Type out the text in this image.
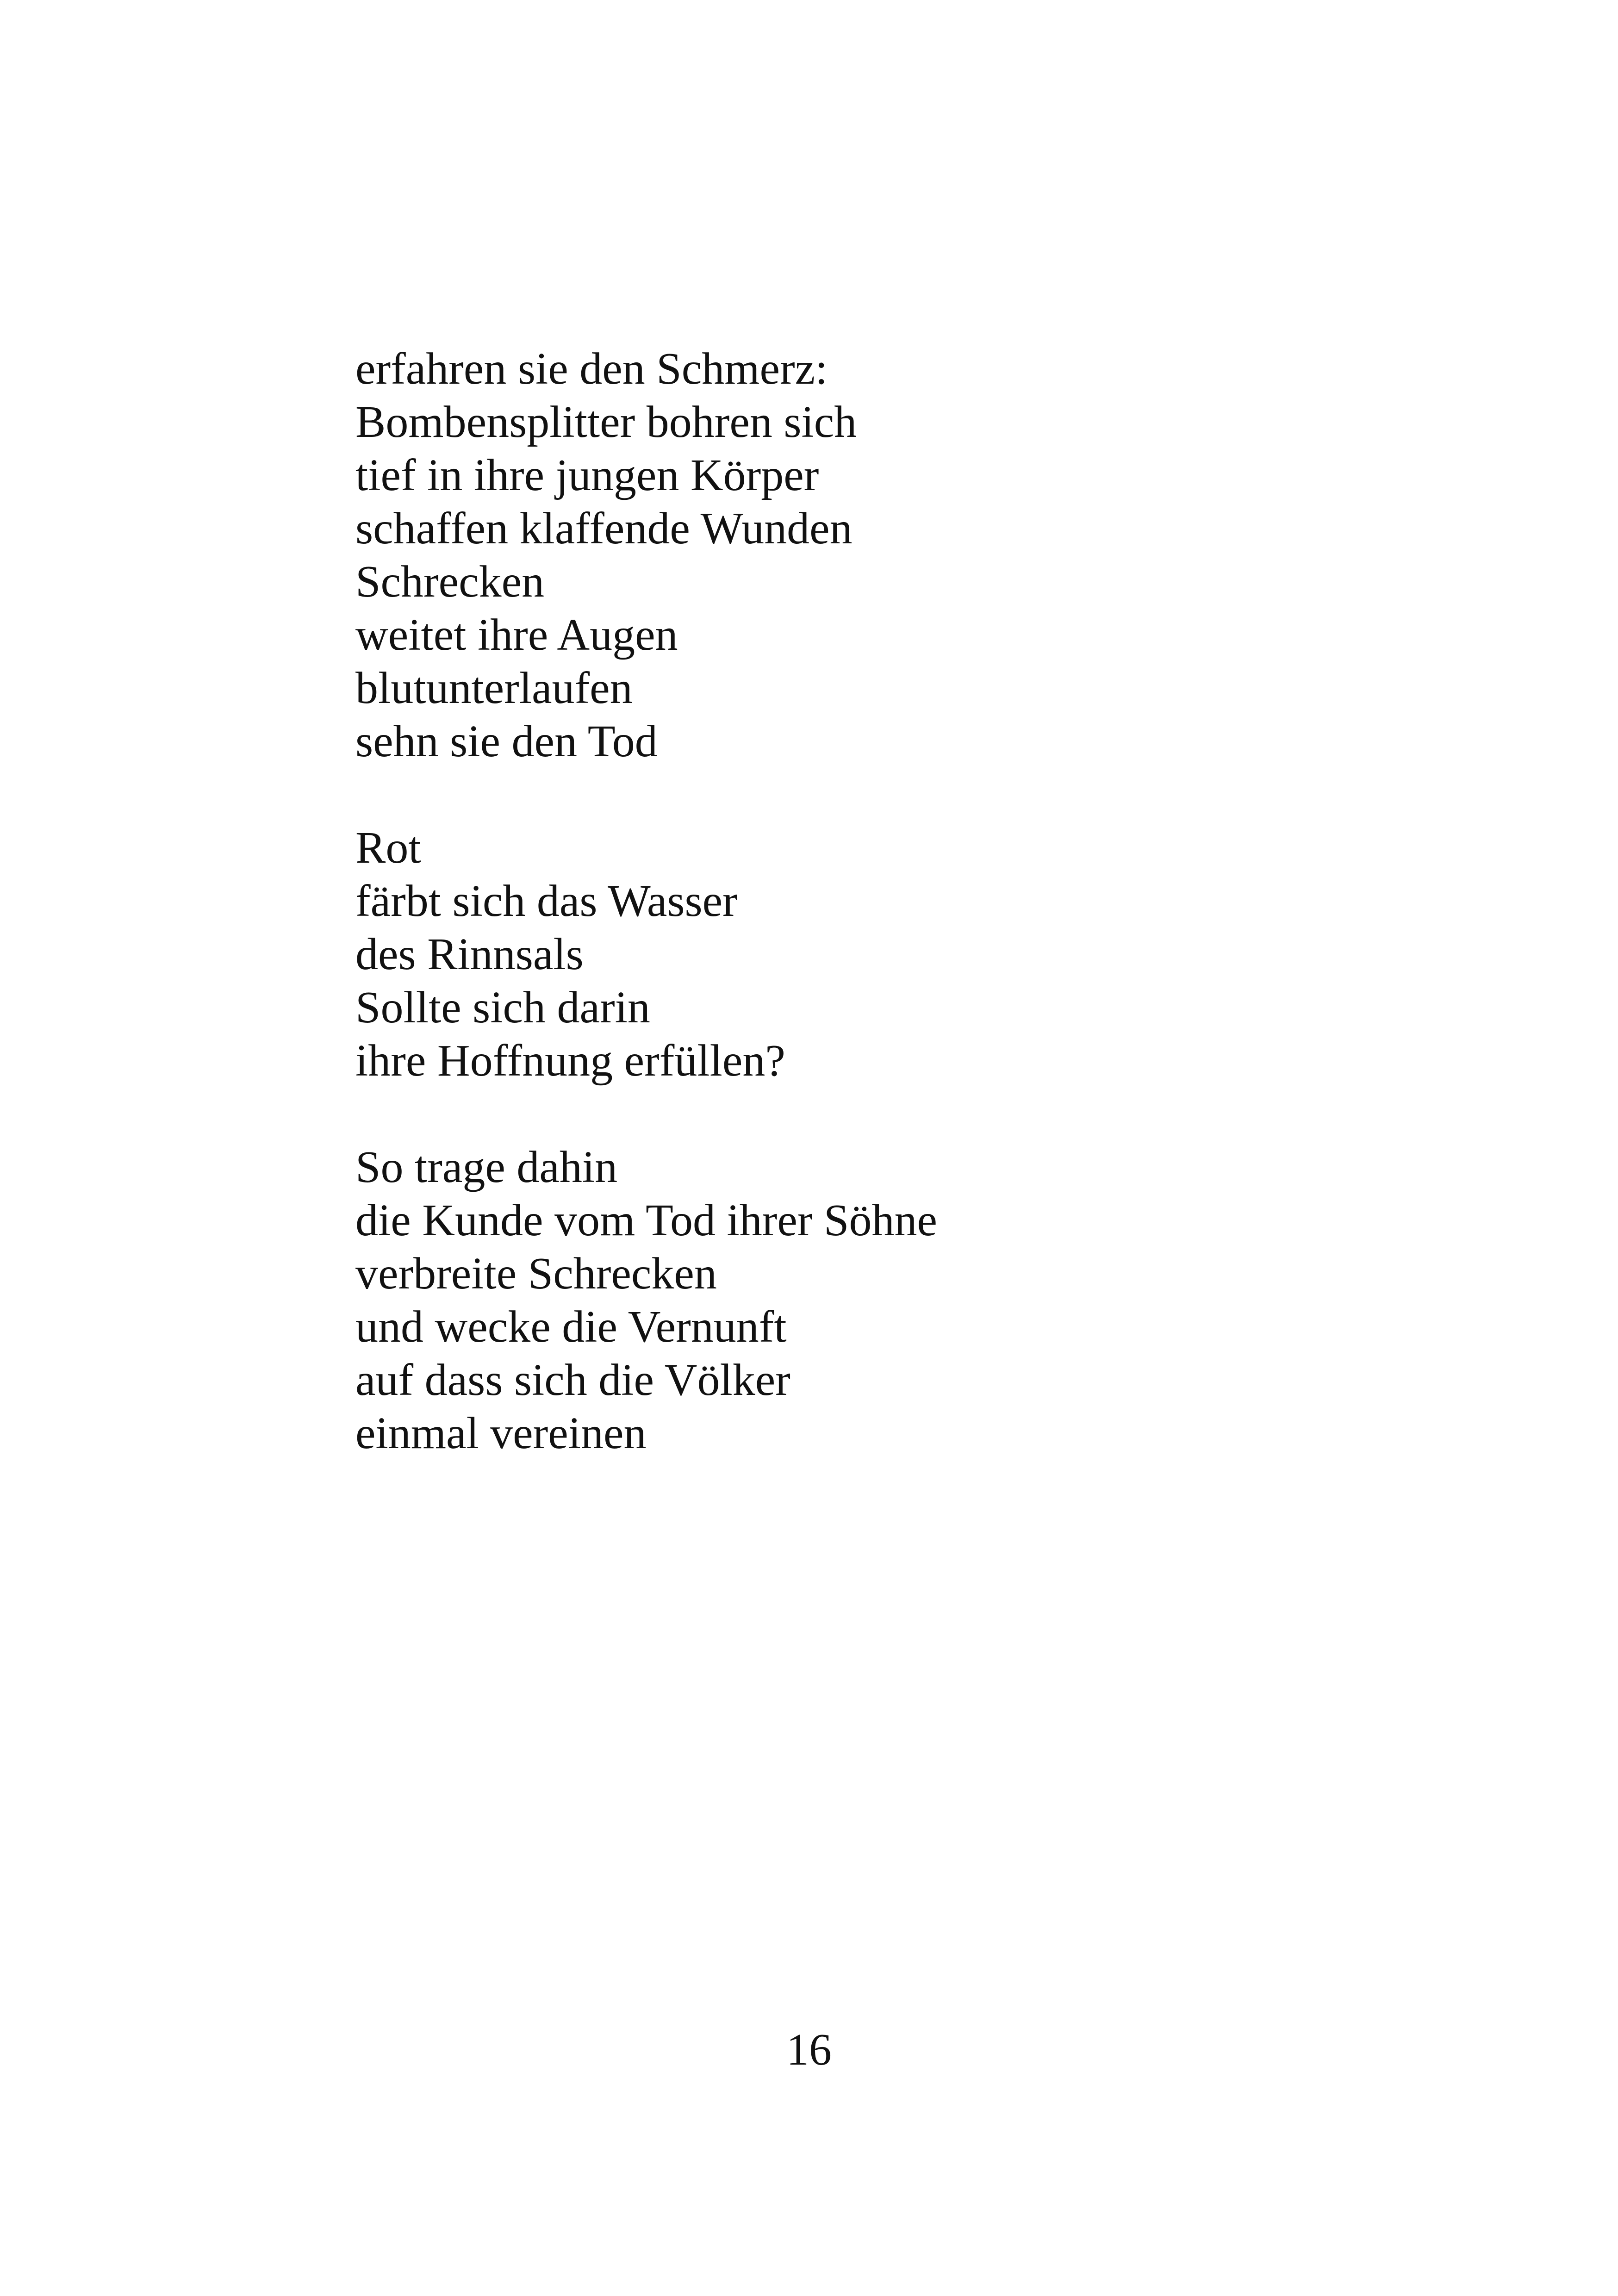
erfahren sie den Schmerz:
Bombensplitter bohren sich
tief in ihre jungen Körper
schaffen klaffende Wunden
Schrecken
weitet ihre Augen
blutunterlaufen
sehn sie den Tod
Rot
färbt sich das Wasser
des Rinnsals
Sollte sich darin
ihre Hoffnung erfüllen?
So trage dahin
die Kunde vom Tod ihrer Söhne
verbreite Schrecken
und wecke die Vernunft
auf dass sich die Völker
einmal vereinen
16
